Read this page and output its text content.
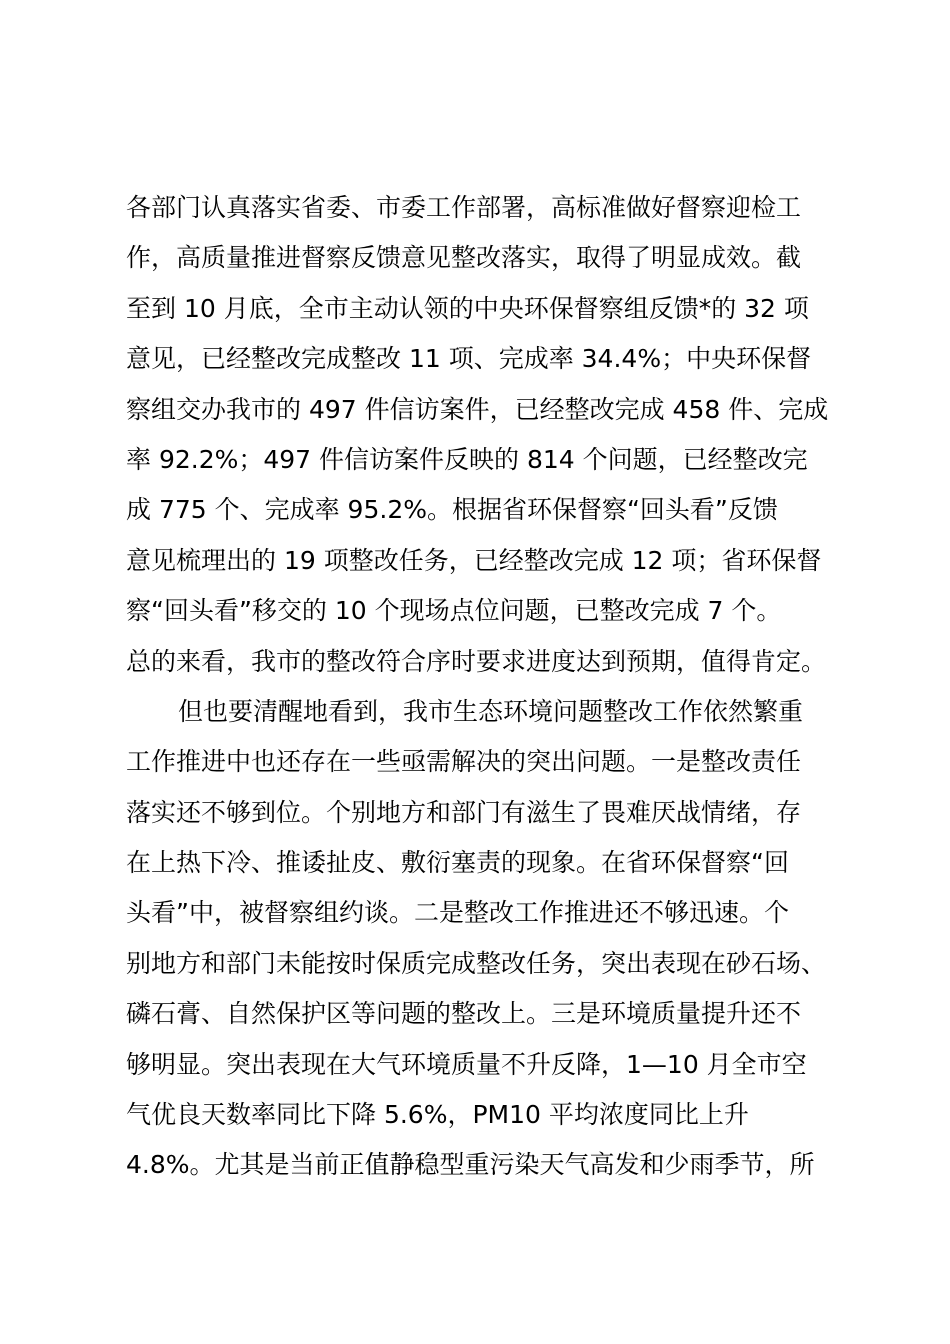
各部门认真落实省委、市委工作部署，高标准做好督察迎检工
作，高质量推进督察反馈意见整改落实，取得了明显成效。截
至到 10 月底，全市主动认领的中央环保督察组反馈*的 32 项
意见，已经整改完成整改 11 项、完成率 34.4%；中央环保督
察组交办我市的 497 件信访案件，已经整改完成 458 件、完成
率 92.2%；497 件信访案件反映的 814 个问题，已经整改完
成 775 个、完成率 95.2%。根据省环保督察“回头看”反馈
意见梳理出的 19 项整改任务，已经整改完成 12 项；省环保督
察“回头看”移交的 10 个现场点位问题，已整改完成 7 个。
总的来看，我市的整改符合序时要求进度达到预期，值得肯定。
但也要清醒地看到，我市生态环境问题整改工作依然繁重
工作推进中也还存在一些亟需解决的突出问题。一是整改责任
落实还不够到位。个别地方和部门有滋生了畏难厌战情绪，存
在上热下冷、推诿扯皮、敷衍塞责的现象。在省环保督察“回
头看”中，被督察组约谈。二是整改工作推进还不够迅速。个
别地方和部门未能按时保质完成整改任务，突出表现在砂石场、
磷石膏、自然保护区等问题的整改上。三是环境质量提升还不
够明显。突出表现在大气环境质量不升反降，1—10 月全市空
气优良天数率同比下降 5.6%，PM10 平均浓度同比上升
4.8%。尤其是当前正值静稳型重污染天气高发和少雨季节，所
